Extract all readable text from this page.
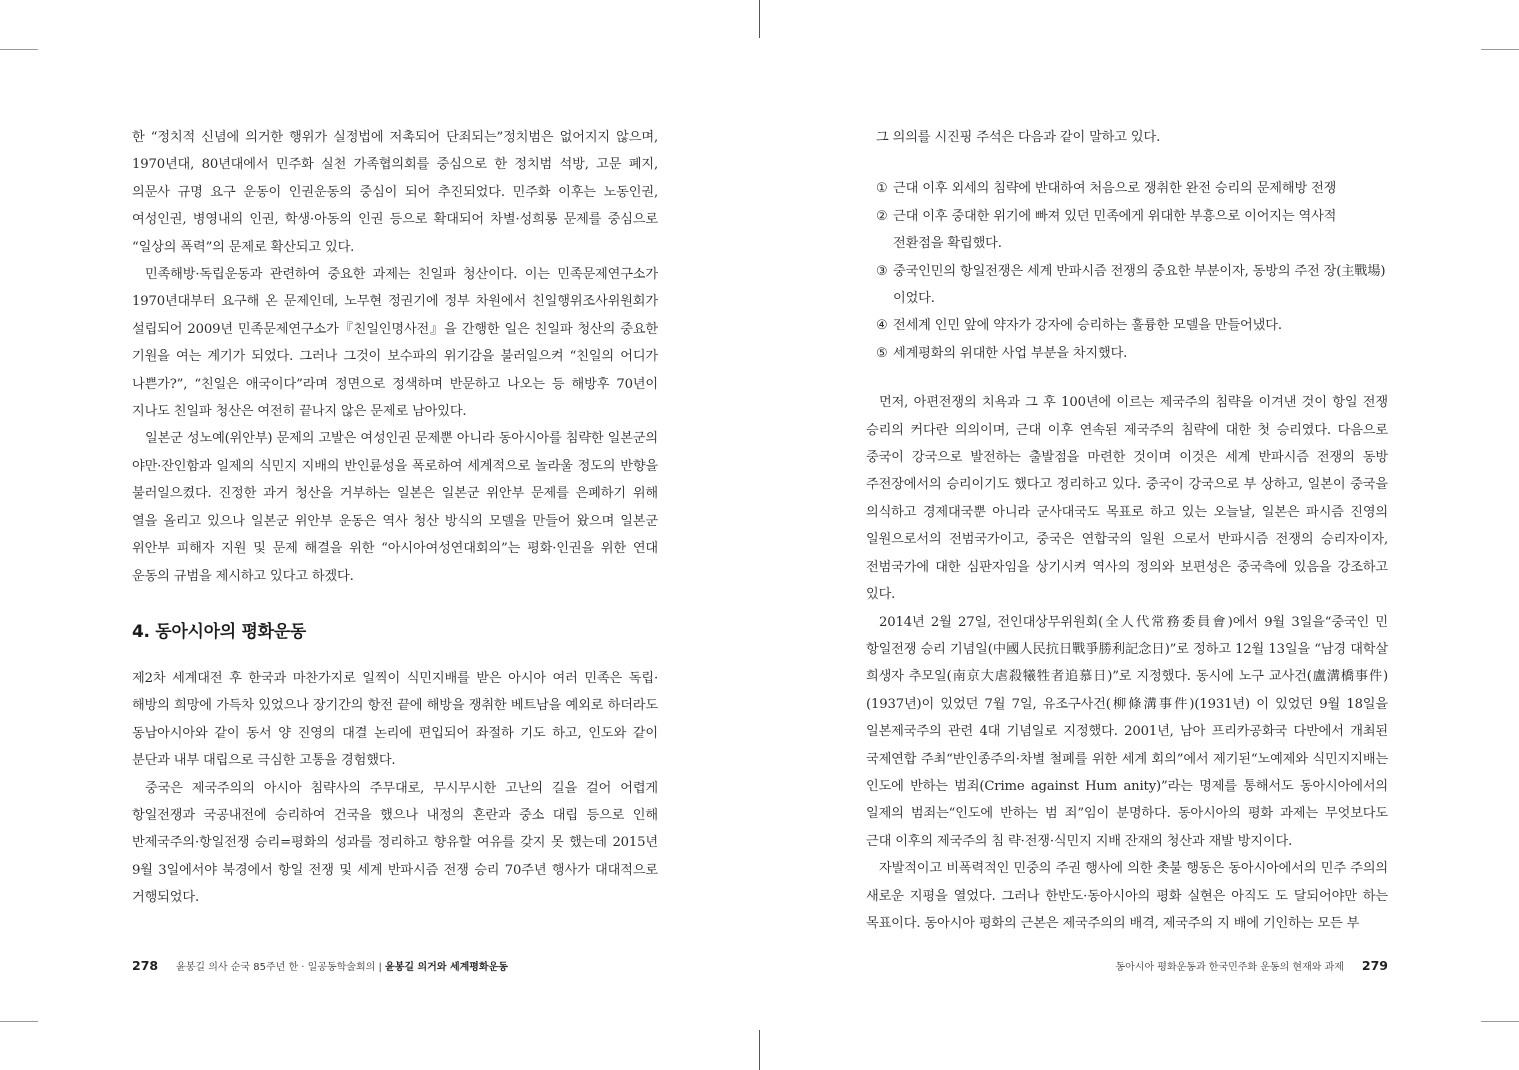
한 “정치적 신념에 의거한 행위가 실정법에 저촉되어 단죄되는”정치범은 없어지지 않으며, 1970년대, 80년대에서 민주화 실천 가족협의회를 중심으로 한 정치범 석방, 고문 폐지, 의문사 규명 요구 운동이 인권운동의 중심이 되어 추진되었다. 민주화 이후는 노동인권, 여성인권, 병영내의 인권, 학생·아동의 인권 등으로 확대되어 차별·성희롱 문제를 중심으로 “일상의 폭력”의 문제로 확산되고 있다.

민족해방·독립운동과 관련하여 중요한 과제는 친일파 청산이다. 이는 민족문제연구소가 1970년대부터 요구해 온 문제인데, 노무현 정권기에 정부 차원에서 친일행위조사위원회가 설립되어 2009년 민족문제연구소가『친일인명사전』을 간행한 일은 친일파 청산의 중요한 기원을 여는 계기가 되었다. 그러나 그것이 보수파의 위기감을 불러일으켜 “친일의 어디가 나쁜가?”, “친일은 애국이다”라며 정면으로 정색하며 반문하고 나오는 등 해방후 70년이 지나도 친일파 청산은 여전히 끝나지 않은 문제로 남아있다.

일본군 성노예(위안부) 문제의 고발은 여성인권 문제뿐 아니라 동아시아를 침략한 일본군의 야만·잔인함과 일제의 식민지 지배의 반인륜성을 폭로하여 세계적으로 놀라울 정도의 반향을 불러일으켰다. 진정한 과거 청산을 거부하는 일본은 일본군 위안부 문제를 은폐하기 위해 열을 올리고 있으나 일본군 위안부 운동은 역사 청산 방식의 모델을 만들어 왔으며 일본군 위안부 피해자 지원 및 문제 해결을 위한 “아시아여성연대회의”는 평화·인권을 위한 연대 운동의 규범을 제시하고 있다고 하겠다.

4. 동아시아의 평화운동

제2차 세계대전 후 한국과 마찬가지로 일찍이 식민지배를 받은 아시아 여러 민족은 독립·해방의 희망에 가득차 있었으나 장기간의 항전 끝에 해방을 쟁취한 베트남을 예외로 하더라도 동남아시아와 같이 동서 양 진영의 대결 논리에 편입되어 좌절하 기도 하고, 인도와 같이 분단과 내부 대립으로 극심한 고통을 경험했다.

중국은 제국주의의 아시아 침략사의 주무대로, 무시무시한 고난의 길을 걸어 어렵게 항일전쟁과 국공내전에 승리하여 건국을 했으나 내정의 혼란과 중소 대립 등으로 인해 반제국주의·항일전쟁 승리=평화의 성과를 정리하고 향유할 여유를 갖지 못 했는데 2015년 9월 3일에서야 북경에서 항일 전쟁 및 세계 반파시즘 전쟁 승리 70주년 행사가 대대적으로 거행되었다.

그 의의를 시진핑 주석은 다음과 같이 말하고 있다.

① 근대 이후 외세의 침략에 반대하여 처음으로 쟁취한 완전 승리의 문제해방 전쟁

② 근대 이후 중대한 위기에 빠져 있던 민족에게 위대한 부흥으로 이어지는 역사적 전환점을 확립했다.

③ 중국인민의 항일전쟁은 세계 반파시즘 전쟁의 중요한 부분이자, 동방의 주전 장(主戰場)이었다.

④ 전세계 인민 앞에 약자가 강자에 승리하는 훌륭한 모델을 만들어냈다.

⑤ 세계평화의 위대한 사업 부분을 차지했다.

먼저, 아편전쟁의 치욕과 그 후 100년에 이르는 제국주의 침략을 이겨낸 것이 항일 전쟁 승리의 커다란 의의이며, 근대 이후 연속된 제국주의 침략에 대한 첫 승리였다. 다음으로 중국이 강국으로 발전하는 출발점을 마련한 것이며 이것은 세계 반파시즘 전쟁의 동방 주전장에서의 승리이기도 했다고 정리하고 있다. 중국이 강국으로 부 상하고, 일본이 중국을 의식하고 경제대국뿐 아니라 군사대국도 목표로 하고 있는 오늘날, 일본은 파시즘 진영의 일원으로서의 전범국가이고, 중국은 연합국의 일원 으로서 반파시즘 전쟁의 승리자이자, 전범국가에 대한 심판자임을 상기시켜 역사의 정의와 보편성은 중국측에 있음을 강조하고 있다.

2014년 2월 27일, 전인대상무위원회(全人代常務委員會)에서 9월 3일을“중국인 민 항일전쟁 승리 기념일(中國人民抗日戰爭勝利記念日)”로 정하고 12월 13일을 “남경 대학살 희생자 추모일(南京大虐殺犧牲者追慕日)”로 지정했다. 동시에 노구 교사건(盧溝橋事件)(1937년)이 있었던 7월 7일, 유조구사건(柳條溝事件)(1931년) 이 있었던 9월 18일을 일본제국주의 관련 4대 기념일로 지정했다. 2001년, 남아 프리카공화국 다반에서 개최된 국제연합 주최“반인종주의·차별 철폐를 위한 세계 회의”에서 제기된“노예제와 식민지지배는 인도에 반하는 범죄(Crime against Hum anity)”라는 명제를 통해서도 동아시아에서의 일제의 범죄는“인도에 반하는 범 죄”임이 분명하다. 동아시아의 평화 과제는 무엇보다도 근대 이후의 제국주의 침 략·전쟁·식민지 지배 잔재의 청산과 재발 방지이다.

자발적이고 비폭력적인 민중의 주권 행사에 의한 촛불 행동은 동아시아에서의 민주 주의의 새로운 지평을 열었다. 그러나 한반도·동아시아의 평화 실현은 아직도 도 달되어야만 하는 목표이다. 동아시아 평화의 근본은 제국주의의 배격, 제국주의 지 배에 기인하는 모든 부

278 윤봉길 의사 순국 85주년 한 · 일공동학술회의 | 윤봉길 의거와 세계평화운동	동아시아 평화운동과 한국민주화 운동의 현재와 과제 279
